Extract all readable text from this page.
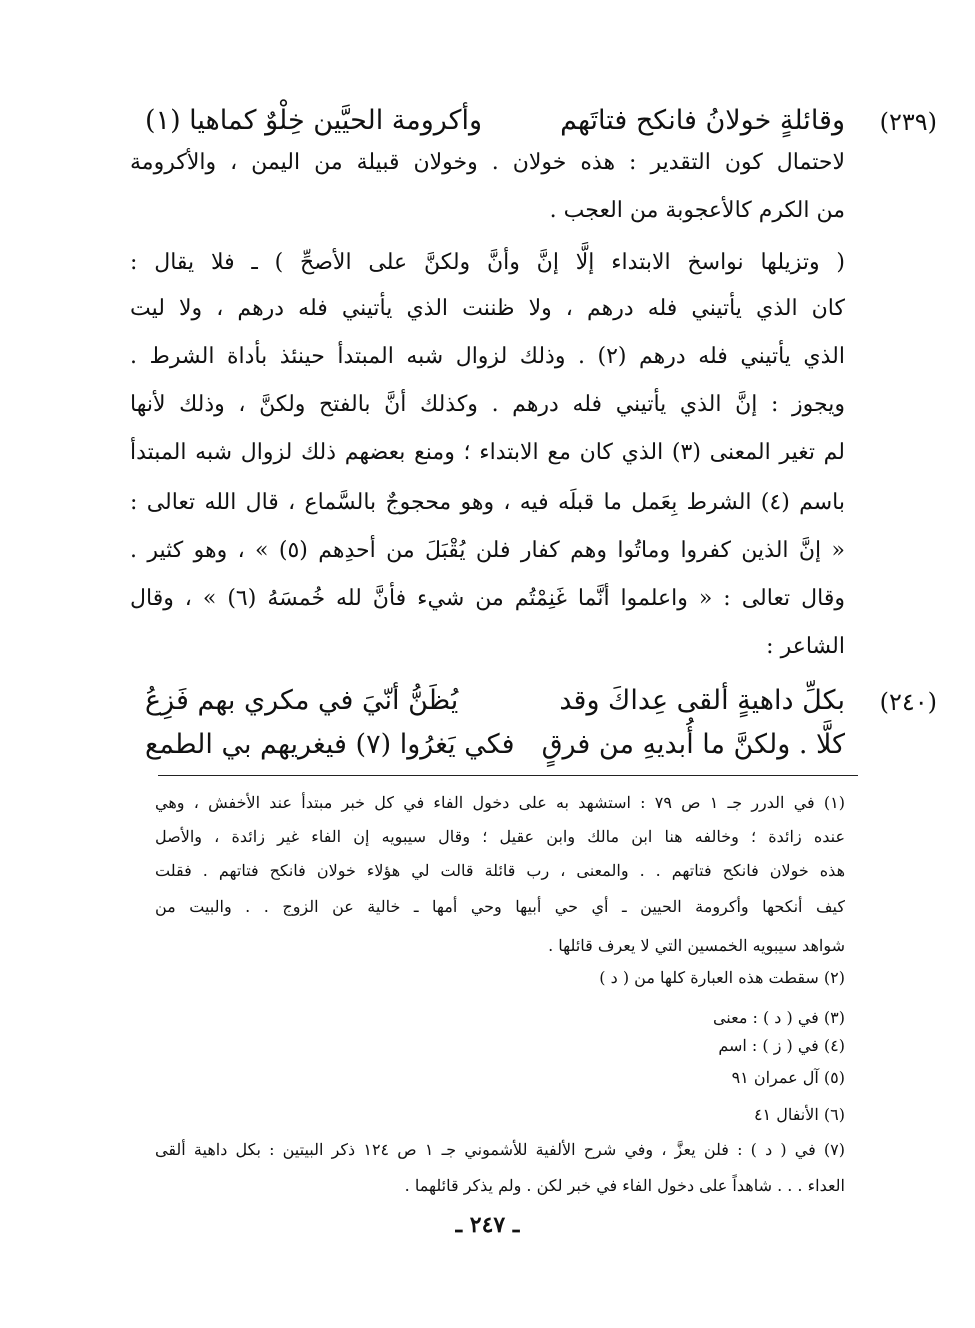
(٢٣٩)
وقائلةٍ خولانُ فانكح فتاتَهم
وأكرومة الحيَّين خِلْوٌ كماهيا (١)
لاحتمال كون التقدير : هذه خولان . وخولان قبيلة من اليمن ، والأكرومة
من الكرم كالأعجوبة من العجب .
( وتزيلها نواسخ الابتداء إلَّا إنَّ وأنَّ ولكنَّ على الأصحِّ ) ـ فلا يقال :
كان الذي يأتيني فله درهم ، ولا ظننت الذي يأتيني فله درهم ، ولا ليت
الذي يأتيني فله درهم (٢) . وذلك لزوال شبه المبتدأ حينئذ بأداة الشرط .
ويجوز : إنَّ الذي يأتيني فله درهم . وكذلك أنَّ بالفتح ولكنَّ ، وذلك لأنها
لم تغير المعنى (٣) الذي كان مع الابتداء ؛ ومنع بعضهم ذلك لزوال شبه المبتدأ
باسم (٤) الشرط بِعَمل ما قبلَه فيه ، وهو محجوجٌ بالسَّماع ، قال الله تعالى :
« إنَّ الذين كفروا وماتُوا وهم كفار فلن يُقْبَلَ من أحدِهم (٥) » ، وهو كثير .
وقال تعالى : « واعلموا أنَّما غَنِمْتُم من شيء فأنَّ لله خُمسَهُ (٦) » ، وقال
الشاعر :
(٢٤٠)
بكلِّ داهيةٍ ألقى عِداكَ وقد
يُظَنُّ أنّيَ في مكري بهم فَزِعُ
كلَّا . ولكنَّ ما أُبديهِ من فرقٍ
فكي يَغرُوا (٧) فيغريهم بي الطمع
(١) في الدرر جـ ١ ص ٧٩ : استشهد به على دخول الفاء في كل خبر مبتدأ عند الأخفش ، وهي
عنده زائدة ؛ وخالفه هنا ابن مالك وابن عقيل ؛ وقال سيبويه إن الفاء غير زائدة ، والأصل
هذه خولان فانكح فتاتهم . . والمعنى ، رب قائلة قالت لي هؤلاء خولان فانكح فتاتهم . فقلت
كيف أنكحها وأكرومة الحيين ـ أي حي أبيها وحي أمها ـ خالية عن الزوج . . والبيت من
شواهد سيبويه الخمسين التي لا يعرف قائلها .
(٢) سقطت هذه العبارة كلها من ( د )
(٣) في ( د ) : معنى
(٤) في ( ز ) : اسم
(٥) آل عمران ٩١
(٦) الأنفال ٤١
(٧) في ( د ) : فلن يعزَّ ، وفي شرح الألفية للأشموني جـ ١ ص ١٢٤ ذكر البيتين : بكل داهية ألقى
العداء . . . شاهداً على دخول الفاء في خبر لكن . ولم يذكر قائلهما .
ـ ٢٤٧ ـ
